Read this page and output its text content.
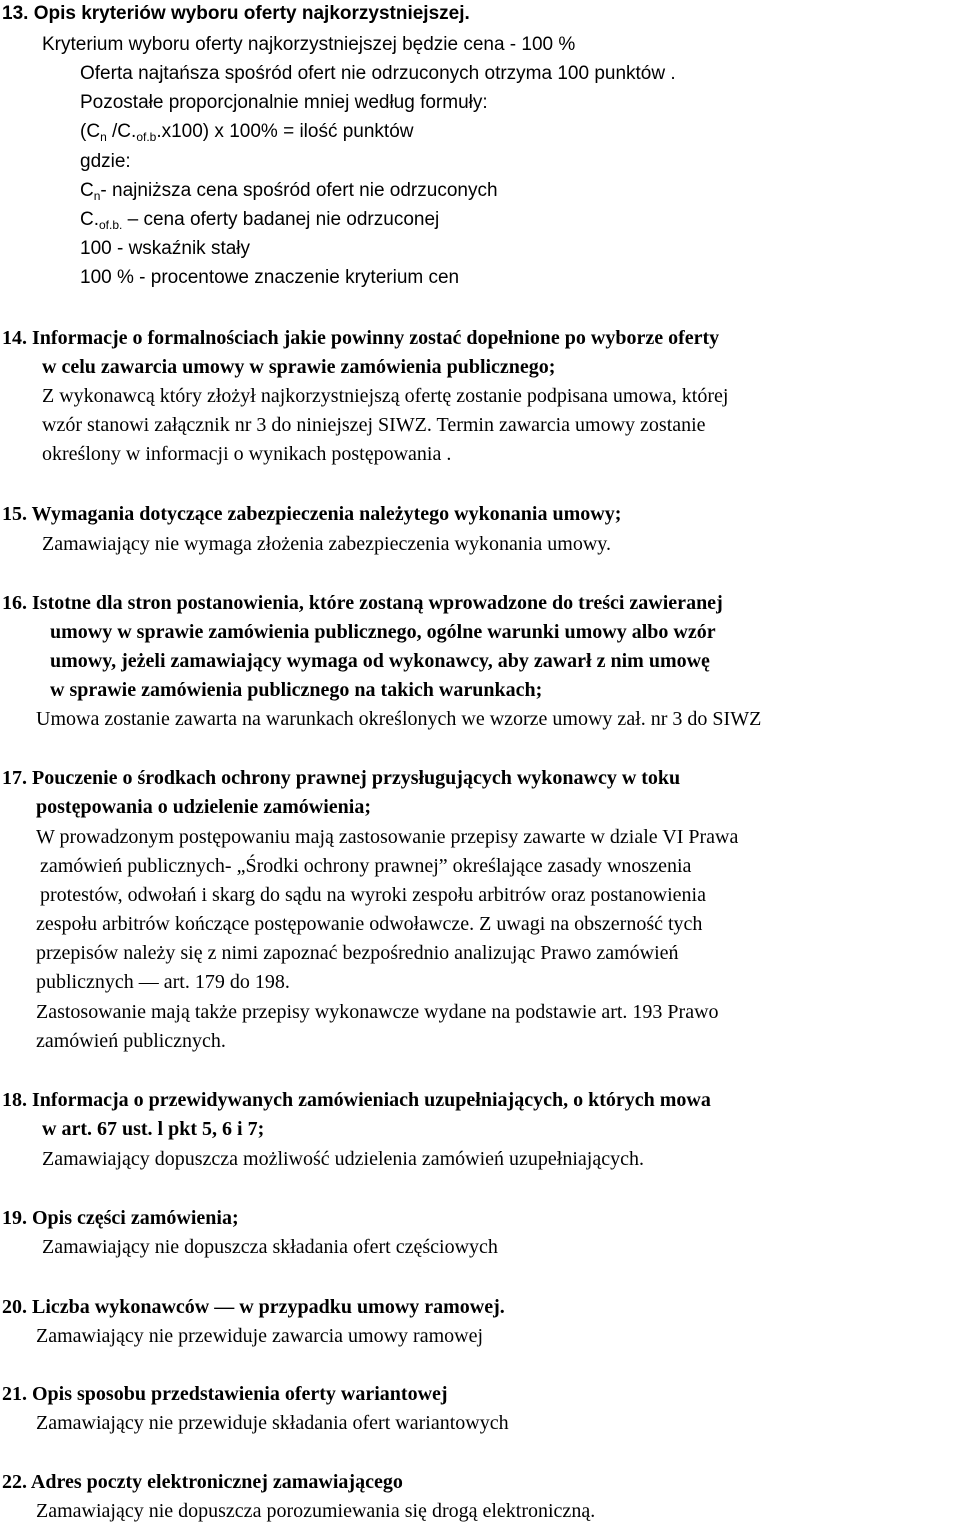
13. Opis kryteriów wyboru oferty najkorzystniejszej.
Kryterium wyboru oferty najkorzystniejszej będzie cena - 100 %
Oferta najtańsza spośród ofert nie odrzuconych otrzyma 100 punktów .
Pozostałe proporcjonalnie mniej według formuły:
($C_n$ $/C._{of.b}.x100$) x 100% = ilość punktów
gdzie:
$C_n-$ najniższa cena spośród ofert nie odrzuconych
$C._{of.b.}$ – cena oferty badanej nie odrzuconej
100 - wskaźnik stały
100 % - procentowe znaczenie kryterium cen
14. Informacje o formalnościach jakie powinny zostać dopełnione po wyborze oferty
w celu zawarcia umowy w sprawie zamówienia publicznego;
Z wykonawcą który złożył najkorzystniejszą ofertę zostanie podpisana umowa, której
wzór stanowi załącznik nr 3 do niniejszej SIWZ. Termin zawarcia umowy zostanie
określony w informacji o wynikach postępowania .
15. Wymagania dotyczące zabezpieczenia należytego wykonania umowy;
Zamawiający nie wymaga złożenia zabezpieczenia wykonania umowy.
16. Istotne dla stron postanowienia, które zostaną wprowadzone do treści zawieranej
umowy w sprawie zamówienia publicznego, ogólne warunki umowy albo wzór
umowy, jeżeli zamawiający wymaga od wykonawcy, aby zawarł z nim umowę
w sprawie zamówienia publicznego na takich warunkach;
Umowa zostanie zawarta na warunkach określonych we wzorze umowy zał. nr 3 do SIWZ
17. Pouczenie o środkach ochrony prawnej przysługujących wykonawcy w toku
postępowania o udzielenie zamówienia;
W prowadzonym postępowaniu mają zastosowanie przepisy zawarte w dziale VI Prawa
zamówień publicznych- „Środki ochrony prawnej” określające zasady wnoszenia
protestów, odwołań i skarg do sądu na wyroki zespołu arbitrów oraz postanowienia
zespołu arbitrów kończące postępowanie odwoławcze. Z uwagi na obszerność tych
przepisów należy się z nimi zapoznać bezpośrednio analizując Prawo zamówień
publicznych — art. 179 do 198.
Zastosowanie mają także przepisy wykonawcze wydane na podstawie art. 193 Prawo
zamówień publicznych.
18. Informacja o przewidywanych zamówieniach uzupełniających, o których mowa
w art. 67 ust. l pkt 5, 6 i 7;
Zamawiający dopuszcza możliwość udzielenia zamówień uzupełniających.
19. Opis części zamówienia;
Zamawiający nie dopuszcza składania ofert częściowych
20. Liczba wykonawców — w przypadku umowy ramowej.
Zamawiający nie przewiduje zawarcia umowy ramowej
21. Opis sposobu przedstawienia oferty wariantowej
Zamawiający nie przewiduje składania ofert wariantowych
22. Adres poczty elektronicznej zamawiającego
Zamawiający nie dopuszcza porozumiewania się drogą elektroniczną.
